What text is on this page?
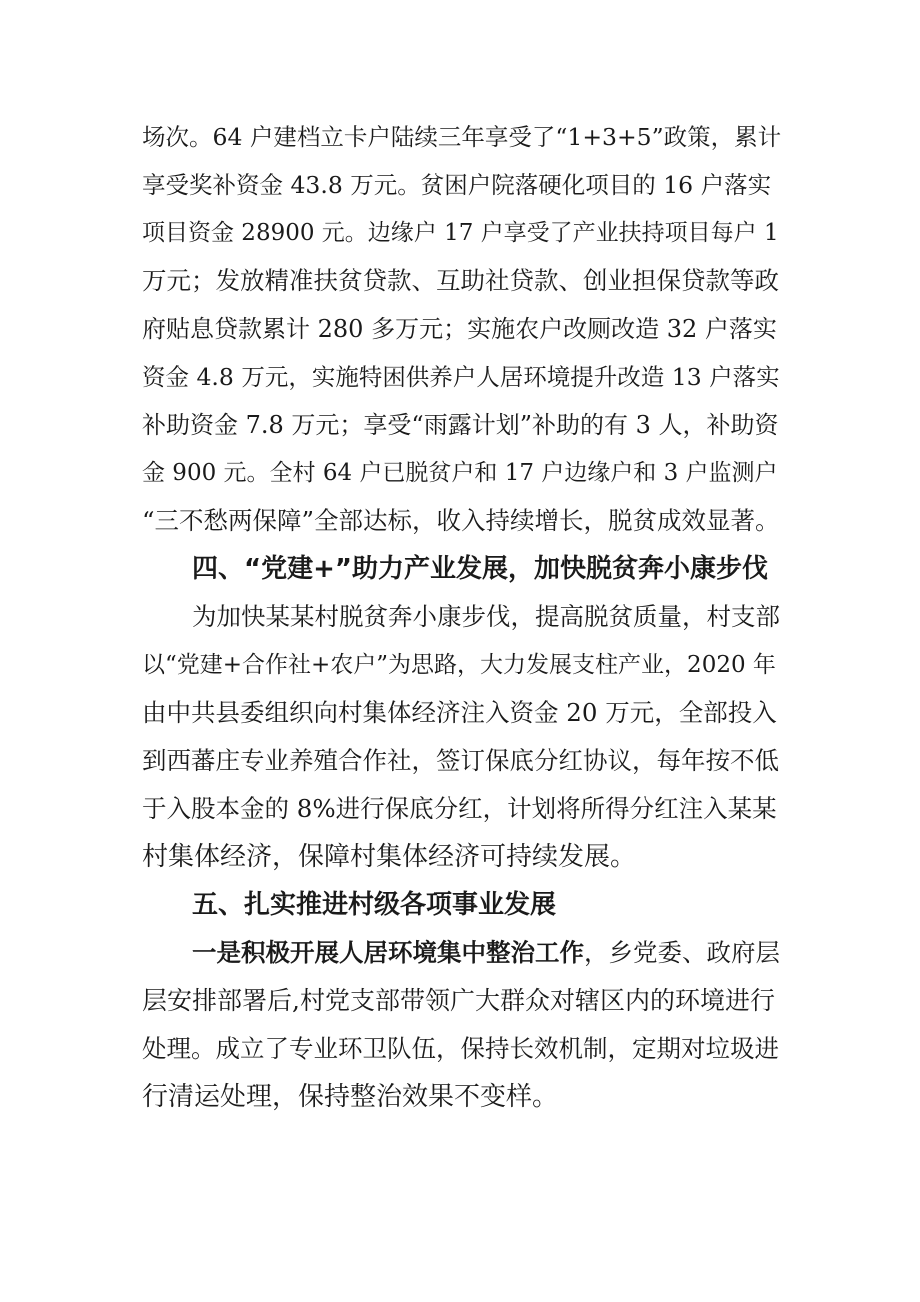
场次。64 户建档立卡户陆续三年享受了“1+3+5”政策，累计
享受奖补资金 43.8 万元。贫困户院落硬化项目的 16 户落实
项目资金 28900 元。边缘户 17 户享受了产业扶持项目每户 1
万元；发放精准扶贫贷款、互助社贷款、创业担保贷款等政
府贴息贷款累计 280 多万元；实施农户改厕改造 32 户落实
资金 4.8 万元，实施特困供养户人居环境提升改造 13 户落实
补助资金 7.8 万元；享受“雨露计划”补助的有 3 人，补助资
金 900 元。全村 64 户已脱贫户和 17 户边缘户和 3 户监测户
“三不愁两保障”全部达标，收入持续增长，脱贫成效显著。
四、“党建+”助力产业发展，加快脱贫奔小康步伐
为加快某某村脱贫奔小康步伐，提高脱贫质量，村支部
以“党建+合作社+农户”为思路，大力发展支柱产业，2020 年
由中共县委组织向村集体经济注入资金 20 万元，全部投入
到西蕃庄专业养殖合作社，签订保底分红协议，每年按不低
于入股本金的 8%进行保底分红，计划将所得分红注入某某
村集体经济，保障村集体经济可持续发展。
五、扎实推进村级各项事业发展
一是积极开展人居环境集中整治工作，乡党委、政府层
层安排部署后,村党支部带领广大群众对辖区内的环境进行
处理。成立了专业环卫队伍，保持长效机制，定期对垃圾进
行清运处理，保持整治效果不变样。
